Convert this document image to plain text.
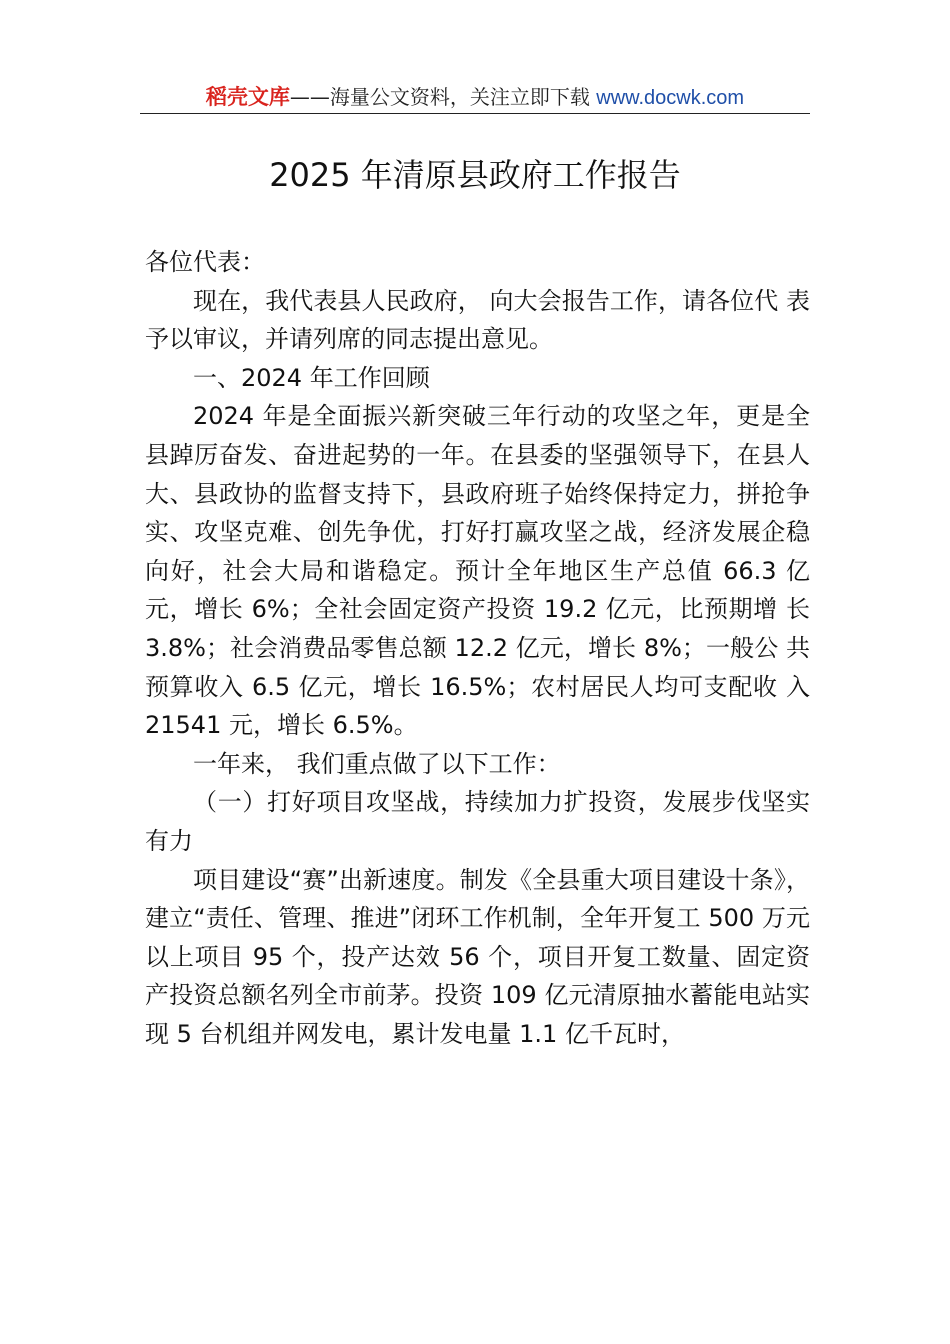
稻壳文库——海量公文资料，关注立即下载 www.docwk.com
2025 年清原县政府工作报告

各位代表：

现在，我代表县人民政府， 向大会报告工作，请各位代 表予以审议，并请列席的同志提出意见。

一、2024 年工作回顾

2024 年是全面振兴新突破三年行动的攻坚之年，更是全县踔厉奋发、奋进起势的一年。在县委的坚强领导下，在县人大、县政协的监督支持下，县政府班子始终保持定力，拼抢争实、攻坚克难、创先争优，打好打赢攻坚之战，经济发展企稳向好，社会大局和谐稳定。预计全年地区生产总值 66.3 亿元，增长 6%；全社会固定资产投资 19.2 亿元，比预期增 长 3.8%；社会消费品零售总额 12.2 亿元，增长 8%；一般公 共预算收入 6.5 亿元，增长 16.5%；农村居民人均可支配收 入 21541 元，增长 6.5%。

一年来， 我们重点做了以下工作：

（一）打好项目攻坚战，持续加力扩投资，发展步伐坚实有力

项目建设“赛”出新速度。制发《全县重大项目建设十条》，建立“责任、管理、推进”闭环工作机制，全年开复工 500 万元以上项目 95 个，投产达效 56 个，项目开复工数量、固定资产投资总额名列全市前茅。投资 109 亿元清原抽水蓄能电站实现 5 台机组并网发电，累计发电量 1.1 亿千瓦时，
